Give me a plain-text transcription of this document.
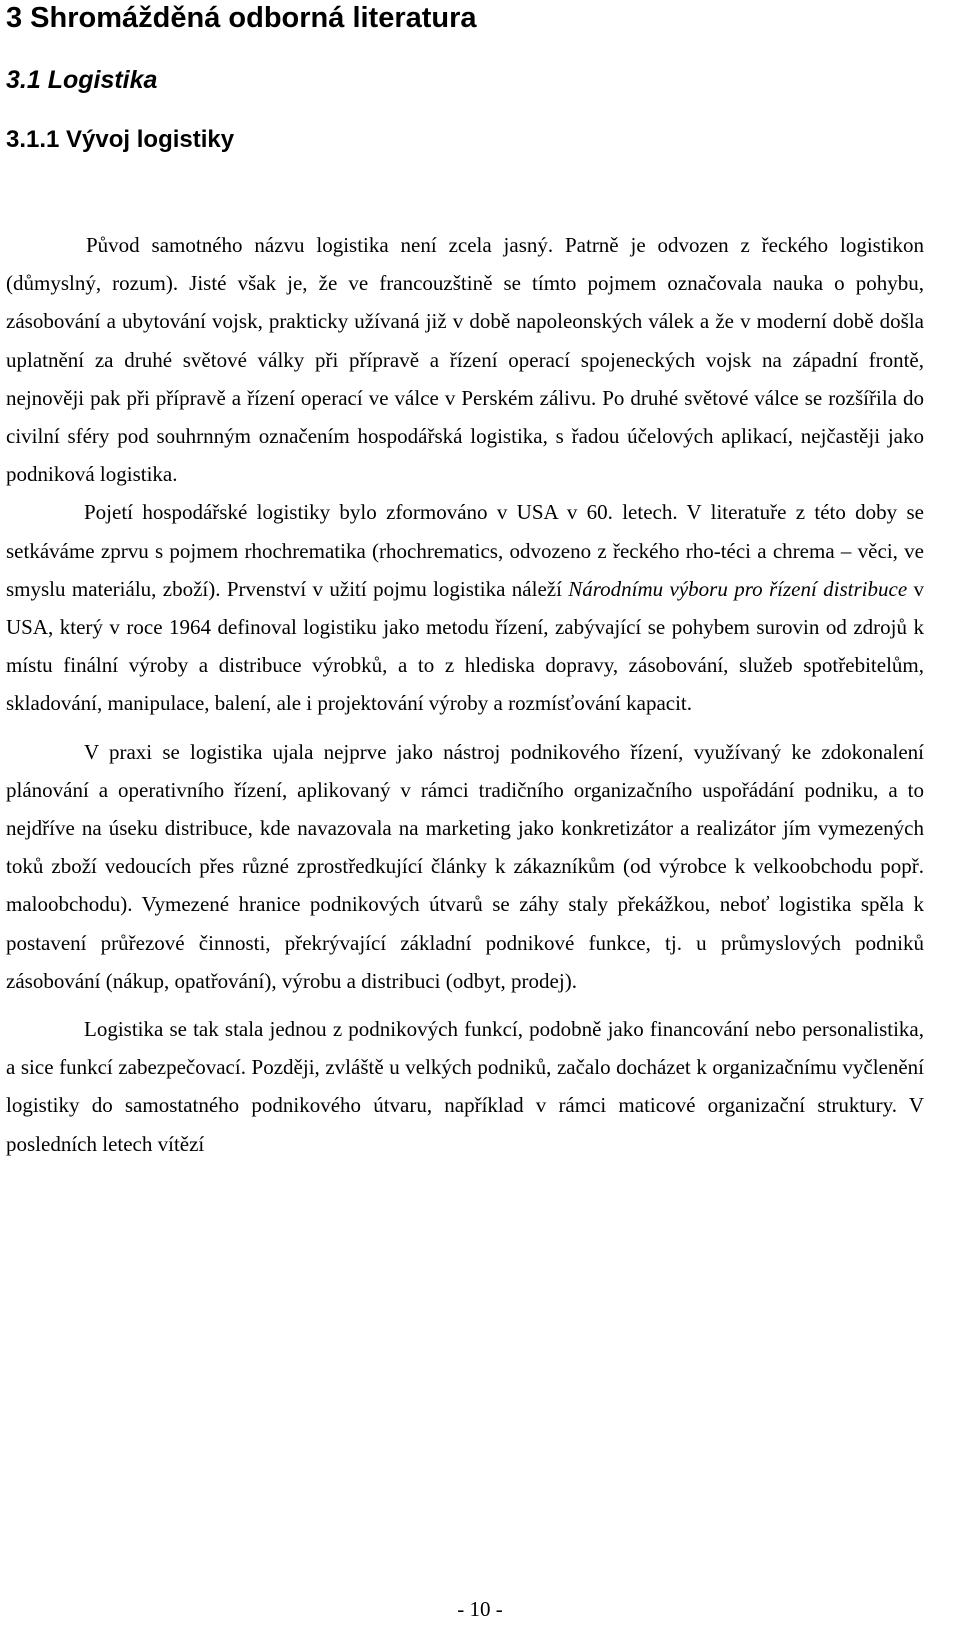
3 Shromážděná odborná literatura
3.1 Logistika
3.1.1 Vývoj logistiky

Původ samotného názvu logistika není zcela jasný. Patrně je odvozen z řeckého logistikon (důmyslný, rozum). Jisté však je, že ve francouzštině se tímto pojmem označovala nauka o pohybu, zásobování a ubytování vojsk, prakticky užívaná již v době napoleonských válek a že v moderní době došla uplatnění za druhé světové války při přípravě a řízení operací spojeneckých vojsk na západní frontě, nejnověji pak při přípravě a řízení operací ve válce v Perském zálivu. Po druhé světové válce se rozšířila do civilní sféry pod souhrnným označením hospodářská logistika, s řadou účelových aplikací, nejčastěji jako podniková logistika.

Pojetí hospodářské logistiky bylo zformováno v USA v 60. letech. V literatuře z této doby se setkáváme zprvu s pojmem rhochrematika (rhochrematics, odvozeno z řeckého rho-téci a chrema – věci, ve smyslu materiálu, zboží). Prvenství v užití pojmu logistika náleží Národnímu výboru pro řízení distribuce v USA, který v roce 1964 definoval logistiku jako metodu řízení, zabývající se pohybem surovin od zdrojů k místu finální výroby a distribuce výrobků, a to z hlediska dopravy, zásobování, služeb spotřebitelům, skladování, manipulace, balení, ale i projektování výroby a rozmísťování kapacit.

V praxi se logistika ujala nejprve jako nástroj podnikového řízení, využívaný ke zdokonalení plánování a operativního řízení, aplikovaný v rámci tradičního organizačního uspořádání podniku, a to nejdříve na úseku distribuce, kde navazovala na marketing jako konkretizátor a realizátor jím vymezených toků zboží vedoucích přes různé zprostředkující články k zákazníkům (od výrobce k velkoobchodu popř. maloobchodu). Vymezené hranice podnikových útvarů se záhy staly překážkou, neboť logistika spěla k postavení průřezové činnosti, překrývající základní podnikové funkce, tj. u průmyslových podniků zásobování (nákup, opatřování), výrobu a distribuci (odbyt, prodej).

Logistika se tak stala jednou z podnikových funkcí, podobně jako financování nebo personalistika, a sice funkcí zabezpečovací. Později, zvláště u velkých podniků, začalo docházet k organizačnímu vyčlenění logistiky do samostatného podnikového útvaru, například v rámci maticové organizační struktury. V posledních letech vítězí

- 10 -
